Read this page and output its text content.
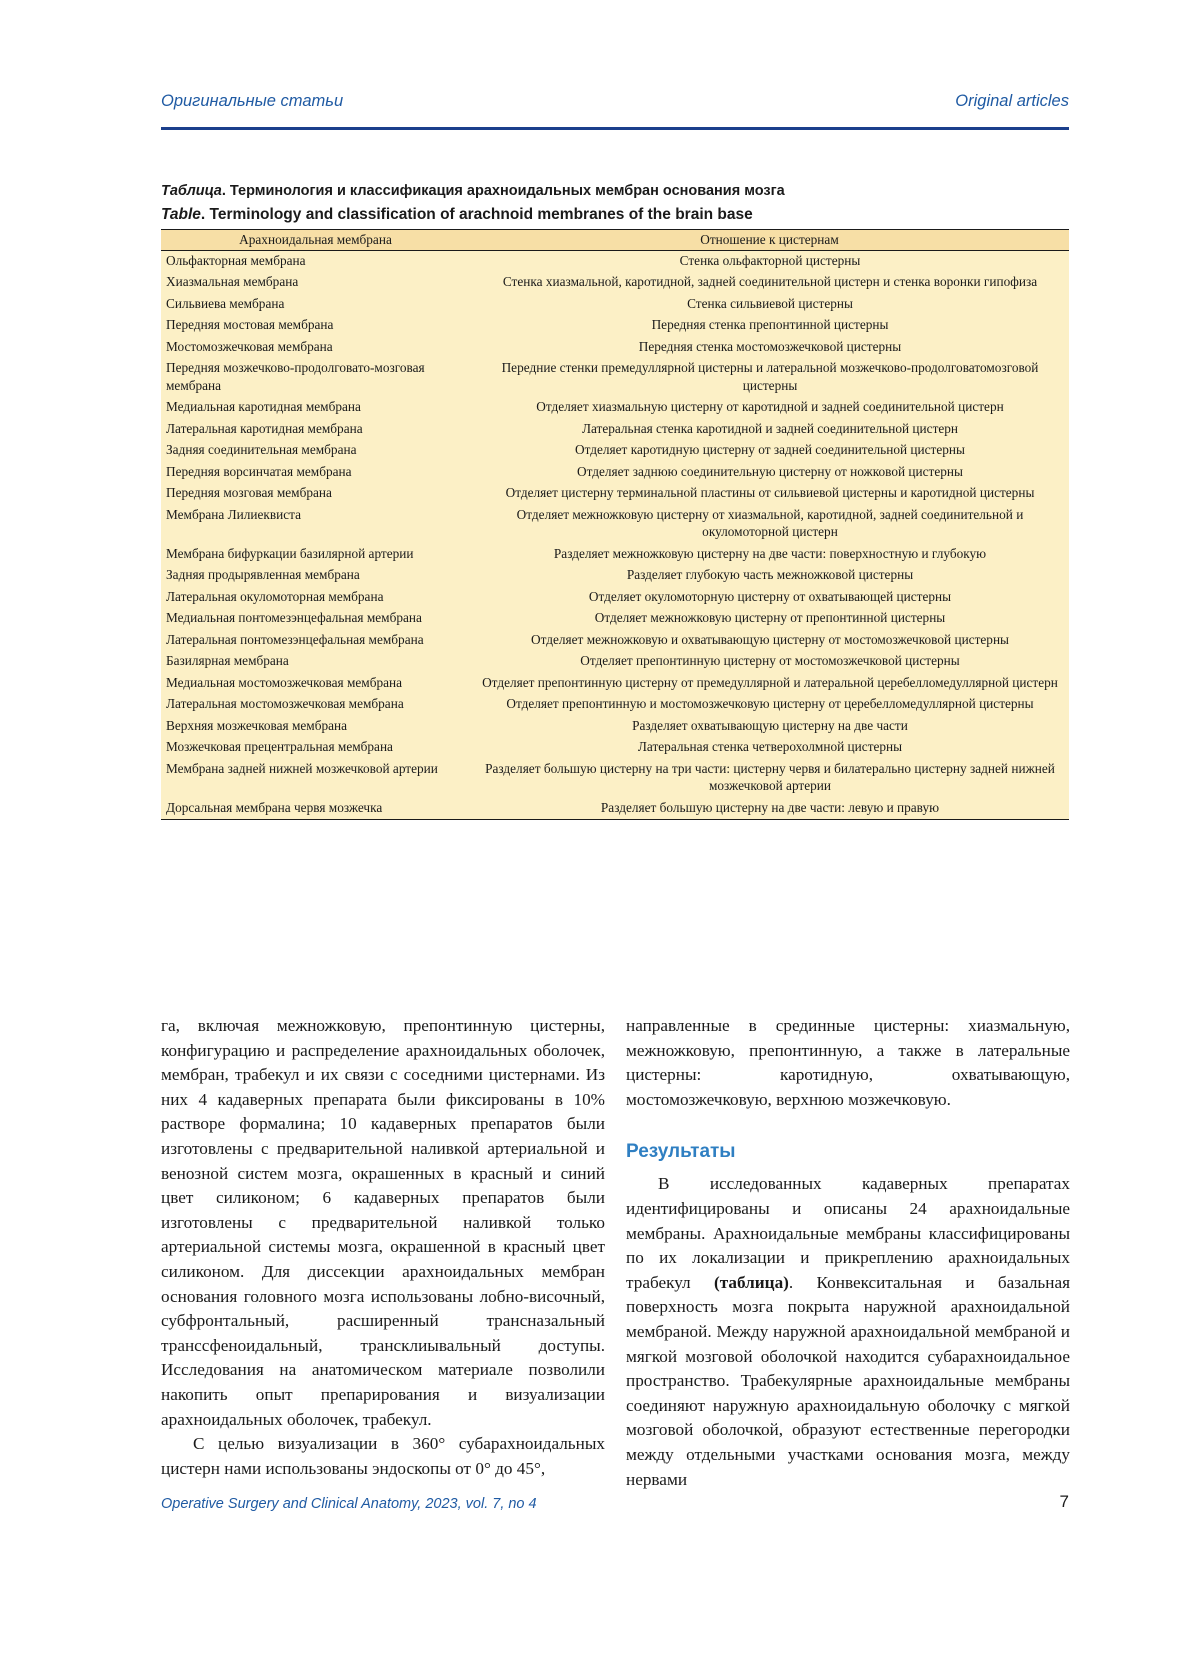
Оригинальные статьи	Original articles
Таблица. Терминология и классификация арахноидальных мембран основания мозга
Table. Terminology and classification of arachnoid membranes of the brain base
Арахноидальная мембрана	Отношение к цистернам
Ольфакторная мембрана	Стенка ольфакторной цистерны
Хиазмальная мембрана	Стенка хиазмальной, каротидной, задней соединительной цистерн и стенка воронки гипофиза
Сильвиева мембрана	Стенка сильвиевой цистерны
Передняя мостовая мембрана	Передняя стенка препонтинной цистерны
Мостомозжечковая мембрана	Передняя стенка мостомозжечковой цистерны
Передняя мозжечково-продолговато-мозговая мембрана	Передние стенки премедуллярной цистерны и латеральной мозжечково-продолговатомозговой цистерны
Медиальная каротидная мембрана	Отделяет хиазмальную цистерну от каротидной и задней соединительной цистерн
Латеральная каротидная мембрана	Латеральная стенка каротидной и задней соединительной цистерн
Задняя соединительная мембрана	Отделяет каротидную цистерну от задней соединительной цистерны
Передняя ворсинчатая мембрана	Отделяет заднюю соединительную цистерну от ножковой цистерны
Передняя мозговая мембрана	Отделяет цистерну терминальной пластины от сильвиевой цистерны и каротидной цистерны
Мембрана Лилиеквиста	Отделяет межножковую цистерну от хиазмальной, каротидной, задней соединительной и окуломоторной цистерн
Мембрана бифуркации базилярной артерии	Разделяет межножковую цистерну на две части: поверхностную и глубокую
Задняя продырявленная мембрана	Разделяет глубокую часть межножковой цистерны
Латеральная окуломоторная мембрана	Отделяет окуломоторную цистерну от охватывающей цистерны
Медиальная понтомезэнцефальная мембрана	Отделяет межножковую цистерну от препонтинной цистерны
Латеральная понтомезэнцефальная мембрана	Отделяет межножковую и охватывающую цистерну от мостомозжечковой цистерны
Базилярная мембрана	Отделяет препонтинную цистерну от мостомозжечковой цистерны
Медиальная мостомозжечковая мембрана	Отделяет препонтинную цистерну от премедуллярной и латеральной церебелломедуллярной цистерн
Латеральная мостомозжечковая мембрана	Отделяет препонтинную и мостомозжечковую цистерну от церебелломедуллярной цистерны
Верхняя мозжечковая мембрана	Разделяет охватывающую цистерну на две части
Мозжечковая прецентральная мембрана	Латеральная стенка четверохолмной цистерны
Мембрана задней нижней мозжечковой артерии	Разделяет большую цистерну на три части: цистерну червя и билатерально цистерну задней нижней мозжечковой артерии
Дорсальная мембрана червя мозжечка	Разделяет большую цистерну на две части: левую и правую

га, включая межножковую, препонтинную цистерны, конфигурацию и распределение арахноидальных оболочек, мембран, трабекул и их связи с соседними цистернами. Из них 4 кадаверных препарата были фиксированы в 10% растворе формалина; 10 кадаверных препаратов были изготовлены с предварительной наливкой артериальной и венозной систем мозга, окрашенных в красный и синий цвет силиконом; 6 кадаверных препаратов были изготовлены с предварительной наливкой только артериальной системы мозга, окрашенной в красный цвет силиконом. Для диссекции арахноидальных мембран основания головного мозга использованы лобно-височный, субфронтальный, расширенный трансназальный транссфеноидальный, трансклиывальный доступы. Исследования на анатомическом материале позволили накопить опыт препарирования и визуализации арахноидальных оболочек, трабекул.

С целью визуализации в 360° субарахноидальных цистерн нами использованы эндоскопы от 0° до 45°,

направленные в срединные цистерны: хиазмальную, межножковую, препонтинную, а также в латеральные цистерны: каротидную, охватывающую, мостомозжечковую, верхнюю мозжечковую.

Результаты

В исследованных кадаверных препаратах идентифицированы и описаны 24 арахноидальные мембраны. Арахноидальные мембраны классифицированы по их локализации и прикреплению арахноидальных трабекул (таблица). Конвекситальная и базальная поверхность мозга покрыта наружной арахноидальной мембраной. Между наружной арахноидальной мембраной и мягкой мозговой оболочкой находится субарахноидальное пространство. Трабекулярные арахноидальные мембраны соединяют наружную арахноидальную оболочку с мягкой мозговой оболочкой, образуют естественные перегородки между отдельными участками основания мозга, между нервами

Operative Surgery and Clinical Anatomy, 2023, vol. 7, no 4	7
